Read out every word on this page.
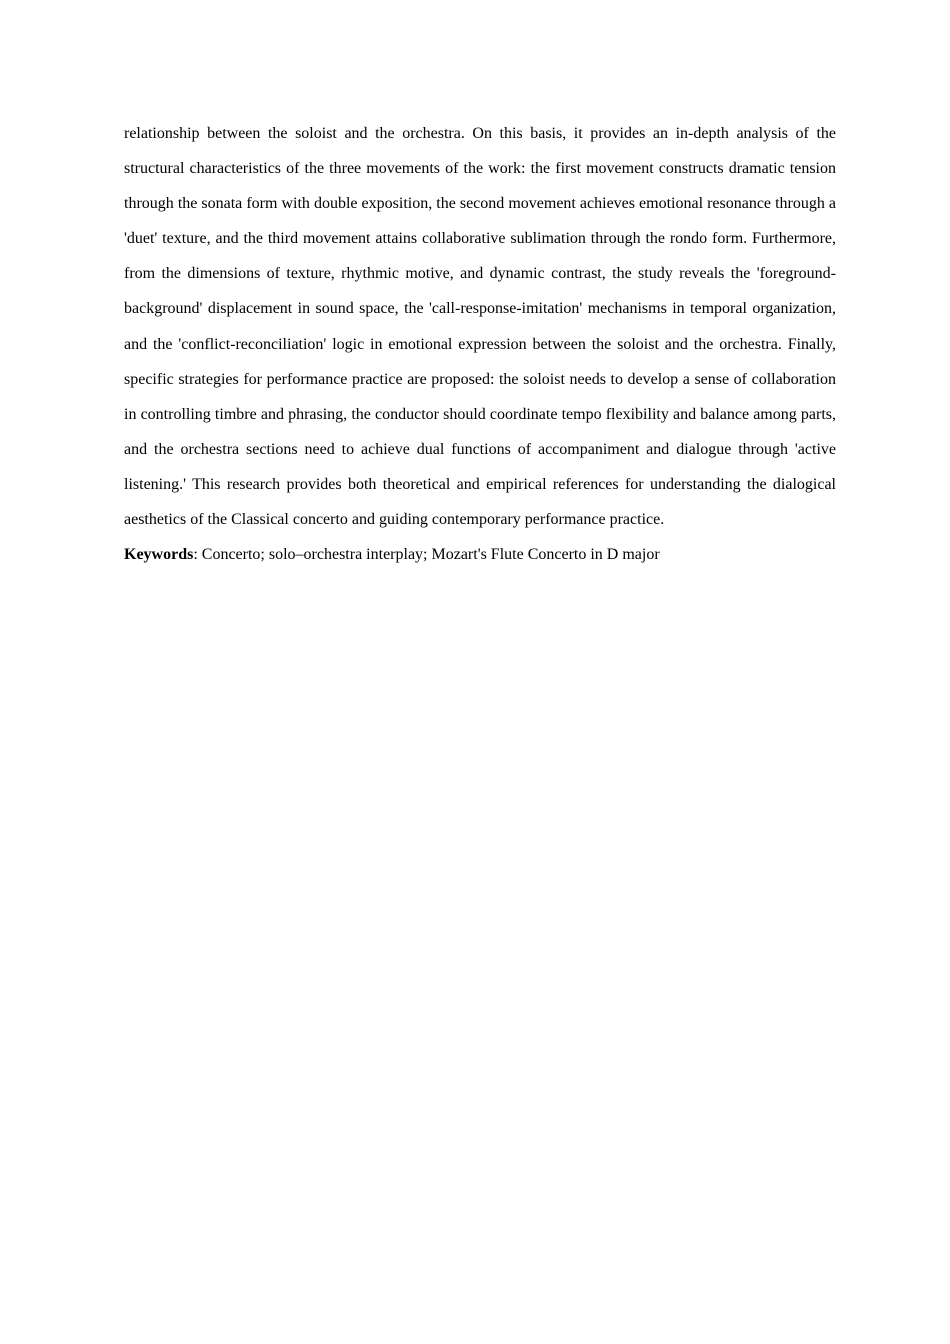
relationship between the soloist and the orchestra. On this basis, it provides an in-depth analysis of the structural characteristics of the three movements of the work: the first movement constructs dramatic tension through the sonata form with double exposition, the second movement achieves emotional resonance through a 'duet' texture, and the third movement attains collaborative sublimation through the rondo form. Furthermore, from the dimensions of texture, rhythmic motive, and dynamic contrast, the study reveals the 'foreground-background' displacement in sound space, the 'call-response-imitation' mechanisms in temporal organization, and the 'conflict-reconciliation' logic in emotional expression between the soloist and the orchestra. Finally, specific strategies for performance practice are proposed: the soloist needs to develop a sense of collaboration in controlling timbre and phrasing, the conductor should coordinate tempo flexibility and balance among parts, and the orchestra sections need to achieve dual functions of accompaniment and dialogue through 'active listening.' This research provides both theoretical and empirical references for understanding the dialogical aesthetics of the Classical concerto and guiding contemporary performance practice.

Keywords: Concerto; solo–orchestra interplay; Mozart's Flute Concerto in D major
